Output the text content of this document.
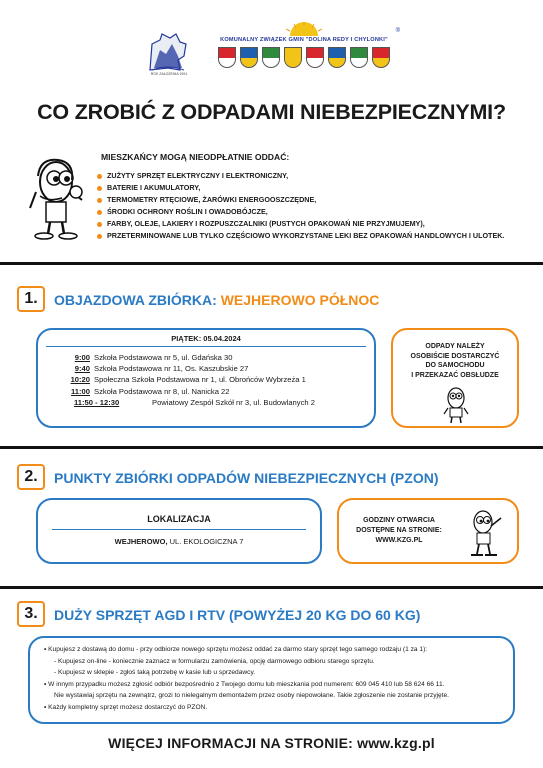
ROK ZAŁOŻENIA 1991
®
KOMUNALNY ZWIĄZEK GMIN "DOLINA REDY I CHYLONKI"
CO ZROBIĆ Z ODPADAMI NIEBEZPIECZNYMI?
MIESZKAŃCY MOGĄ NIEODPŁATNIE ODDAĆ:
ZUŻYTY SPRZĘT ELEKTRYCZNY I ELEKTRONICZNY,
BATERIE I AKUMULATORY,
TERMOMETRY RTĘCIOWE, ŻARÓWKI ENERGOOSZCZĘDNE,
ŚRODKI OCHRONY ROŚLIN I OWADOBÓJCZE,
FARBY, OLEJE, LAKIERY I ROZPUSZCZALNIKI (PUSTYCH OPAKOWAŃ NIE PRZYJMUJEMY),
PRZETERMINOWANE LUB TYLKO CZĘŚCIOWO WYKORZYSTANE LEKI BEZ OPAKOWAŃ HANDLOWYCH I ULOTEK.
1.	OBJAZDOWA ZBIÓRKA: WEJHEROWO PÓŁNOC
PIĄTEK: 05.04.2024
9:00 Szkoła Podstawowa nr 5, ul. Gdańska 30
9:40 Szkoła Podstawowa nr 11, Os. Kaszubskie 27
10:20 Społeczna Szkoła Podstawowa nr 1, ul. Obrońców Wybrzeża 1
11:00 Szkoła Podstawowa nr 8, ul. Nanicka 22
11:50 - 12:30	Powiatowy Zespół Szkół nr 3, ul. Budowlanych 2
ODPADY NALEŻY
OSOBIŚCIE DOSTARCZYĆ
DO SAMOCHODU
I PRZEKAZAĆ OBSŁUDZE
2.	PUNKTY ZBIÓRKI ODPADÓW NIEBEZPIECZNYCH (PZON)
LOKALIZACJA
WEJHEROWO, UL. EKOLOGICZNA 7
GODZINY OTWARCIA
DOSTĘPNE NA STRONIE:
WWW.KZG.PL
3.	DUŻY SPRZĘT AGD I RTV (POWYŻEJ 20 KG DO 60 KG)
• Kupujesz z dostawą do domu - przy odbiorze nowego sprzętu możesz oddać za darmo stary sprzęt tego samego rodzaju (1 za 1):
- Kupujesz on-line - koniecznie zaznacz w formularzu zamówienia, opcję darmowego odbioru starego sprzętu.
- Kupujesz w sklepie - zgłoś taką potrzebę w kasie lub u sprzedawcy.
• W innym przypadku możesz zgłosić odbiór bezpośrednio z Twojego domu lub mieszkania pod numerem: 609 045 410 lub 58 624 66 11.
Nie wystawiaj sprzętu na zewnątrz, grozi to nielegalnym demontażem przez osoby niepowołane. Takie zgłoszenie nie zostanie przyjęte.
• Każdy kompletny sprzęt możesz dostarczyć do PZON.
WIĘCEJ INFORMACJI NA STRONIE: www.kzg.pl
